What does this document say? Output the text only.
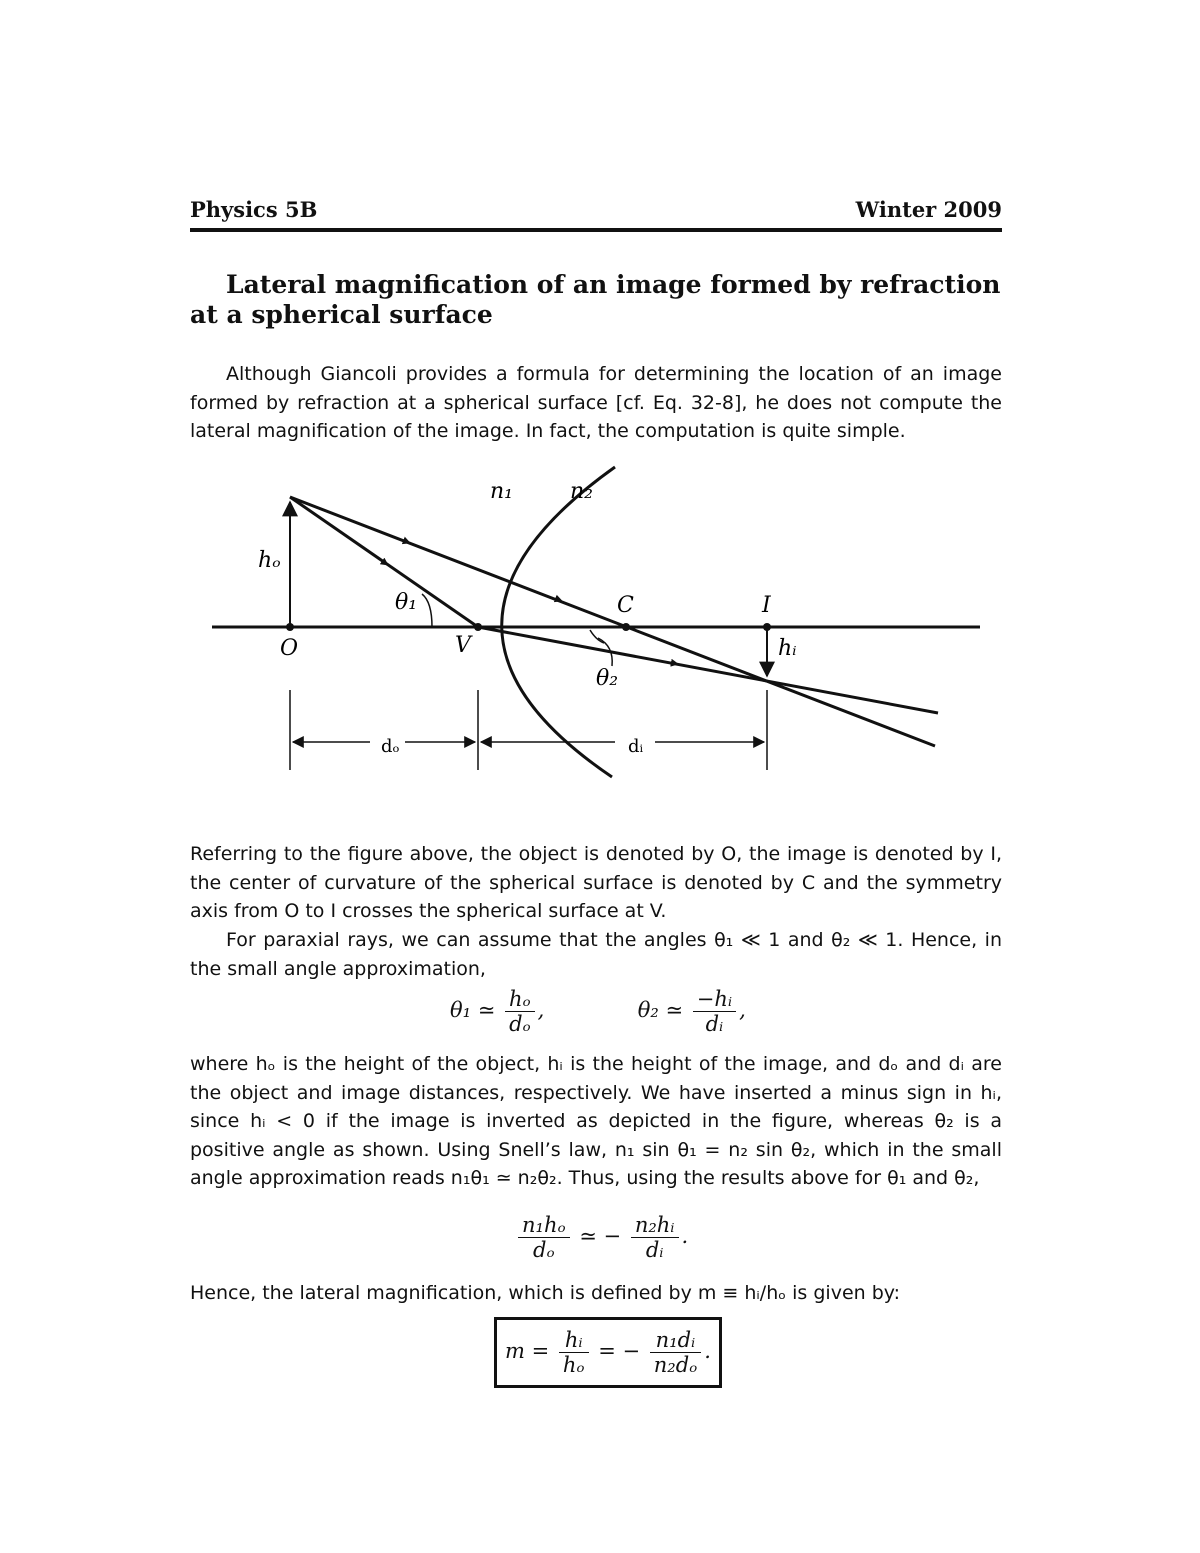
Physics 5B	Winter 2009
Lateral magnification of an image formed by refraction
at a spherical surface
Although Giancoli provides a formula for determining the location of an image formed by refraction at a spherical surface [cf. Eq. 32-8], he does not compute the lateral magnification of the image. In fact, the computation is quite simple.
n₁	n₂
hₒ
θ₁	C	I
O	V	hᵢ
θ₂
dₒ	dᵢ
Referring to the figure above, the object is denoted by O, the image is denoted by I, the center of curvature of the spherical surface is denoted by C and the symmetry axis from O to I crosses the spherical surface at V.
For paraxial rays, we can assume that the angles θ₁ ≪ 1 and θ₂ ≪ 1. Hence, in the small angle approximation,
θ₁ ≃ $\frac{\text{hₒ}}{\text{dₒ}}$ ,	θ₂ ≃ $\frac{\text{−hᵢ}}{\text{dᵢ}}$ ,
where hₒ is the height of the object, hᵢ is the height of the image, and dₒ and dᵢ are the object and image distances, respectively. We have inserted a minus sign in hᵢ, since hᵢ < 0 if the image is inverted as depicted in the figure, whereas θ₂ is a positive angle as shown. Using Snell’s law, n₁ sin θ₁ = n₂ sin θ₂, which in the small angle approximation reads n₁θ₁ ≃ n₂θ₂. Thus, using the results above for θ₁ and θ₂,
$\frac{\text{n₁hₒ}}{\text{dₒ}}$ ≃ − $\frac{\text{n₂hᵢ}}{\text{dᵢ}}$ .
Hence, the lateral magnification, which is defined by m ≡ hᵢ/hₒ is given by:
$m = \frac{\text{hᵢ}}{\text{hₒ}}$ = − $\frac{\text{n₁dᵢ}}{\text{n₂dₒ}}$ .
